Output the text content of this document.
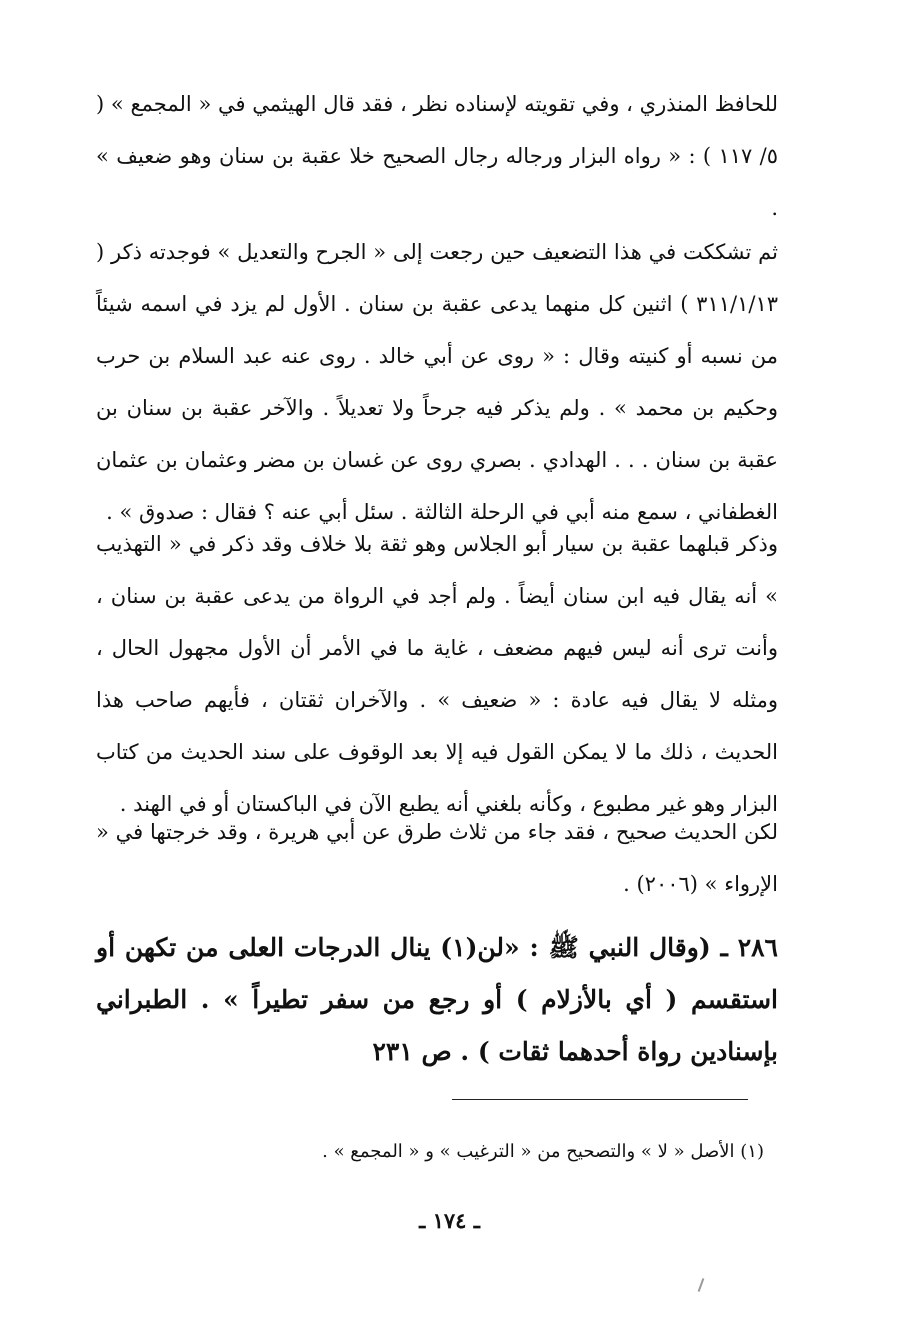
للحافظ المنذري ، وفي تقويته لإسناده نظر ، فقد قال الهيثمي في « المجمع » ( ٥/ ١١٧ ) : « رواه البزار ورجاله رجال الصحيح خلا عقبة بن سنان وهو ضعيف » .

ثم تشككت في هذا التضعيف حين رجعت إلى « الجرح والتعديل » فوجدته ذكر ( ٣١١/١/١٣ ) اثنين كل منهما يدعى عقبة بن سنان . الأول لم يزد في اسمه شيئاً من نسبه أو كنيته وقال : « روى عن أبي خالد . روى عنه عبد السلام بن حرب وحكيم بن محمد » . ولم يذكر فيه جرحاً ولا تعديلاً . والآخر عقبة بن سنان بن عقبة بن سنان . . . الهدادي . بصري روى عن غسان بن مضر وعثمان بن عثمان الغطفاني ، سمع منه أبي في الرحلة الثالثة . سئل أبي عنه ؟ فقال : صدوق » .

وذكر قبلهما عقبة بن سيار أبو الجلاس وهو ثقة بلا خلاف وقد ذكر في « التهذيب » أنه يقال فيه ابن سنان أيضاً . ولم أجد في الرواة من يدعى عقبة بن سنان ، وأنت ترى أنه ليس فيهم مضعف ، غاية ما في الأمر أن الأول مجهول الحال ، ومثله لا يقال فيه عادة : « ضعيف » . والآخران ثقتان ، فأيهم صاحب هذا الحديث ، ذلك ما لا يمكن القول فيه إلا بعد الوقوف على سند الحديث من كتاب البزار وهو غير مطبوع ، وكأنه بلغني أنه يطبع الآن في الباكستان أو في الهند .

لكن الحديث صحيح ، فقد جاء من ثلاث طرق عن أبي هريرة ، وقد خرجتها في « الإرواء » (٢٠٠٦) .

٢٨٦ ـ (وقال النبي ﷺ : «لن(١) ينال الدرجات العلى من تكهن أو استقسم ( أي بالأزلام ) أو رجع من سفر تطيراً » . الطبراني بإسنادين رواة أحدهما ثقات ) . ص ٢٣١

(١) الأصل « لا » والتصحيح من « الترغيب » و « المجمع » .

ـ ١٧٤ ـ
